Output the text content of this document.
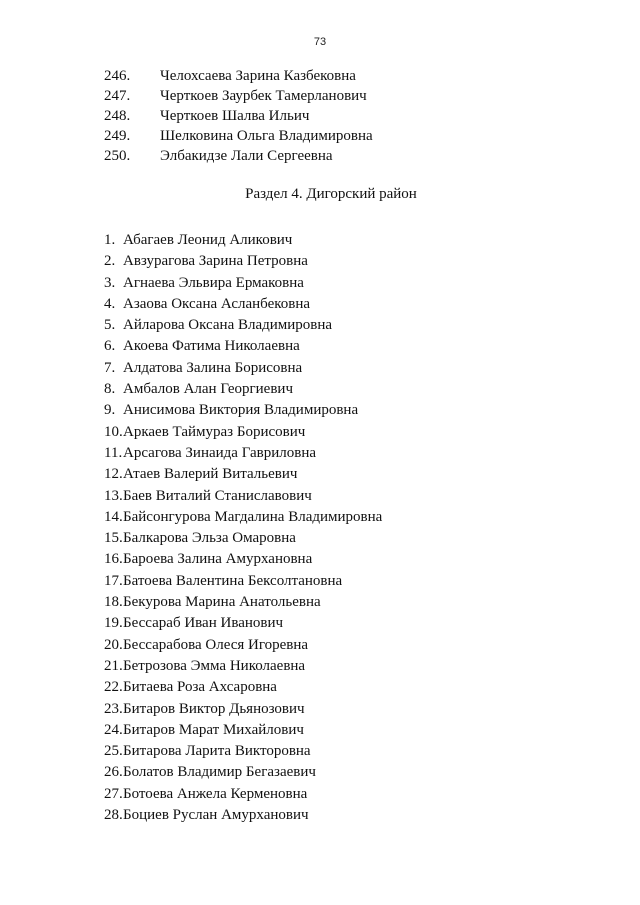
73
246. Челохсаева Зарина Казбековна
247. Черткоев Заурбек Тамерланович
248. Черткоев Шалва Ильич
249. Шелковина Ольга Владимировна
250. Элбакидзе Лали Сергеевна
Раздел 4. Дигорский район
1. Абагаев Леонид Аликович
2. Авзурагова Зарина Петровна
3. Агнаева Эльвира Ермаковна
4. Азаова Оксана Асланбековна
5. Айларова Оксана Владимировна
6. Акоева Фатима Николаевна
7. Алдатова Залина Борисовна
8. Амбалов Алан Георгиевич
9. Анисимова Виктория Владимировна
10. Аркаев Таймураз Борисович
11. Арсагова Зинаида Гавриловна
12. Атаев Валерий Витальевич
13. Баев Виталий Станиславович
14. Байсонгурова Магдалина Владимировна
15. Балкарова Эльза Омаровна
16. Бароева Залина Амурхановна
17. Батоева Валентина Бексолтановна
18. Бекурова Марина Анатольевна
19. Бессараб Иван Иванович
20. Бессарабова Олеся Игоревна
21. Бетрозова Эмма Николаевна
22. Битаева Роза Ахсаровна
23. Битаров Виктор Дьянозович
24. Битаров Марат Михайлович
25. Битарова Ларита Викторовна
26. Болатов Владимир Бегазаевич
27. Ботоева Анжела Керменовна
28. Боциев Руслан Амурханович
